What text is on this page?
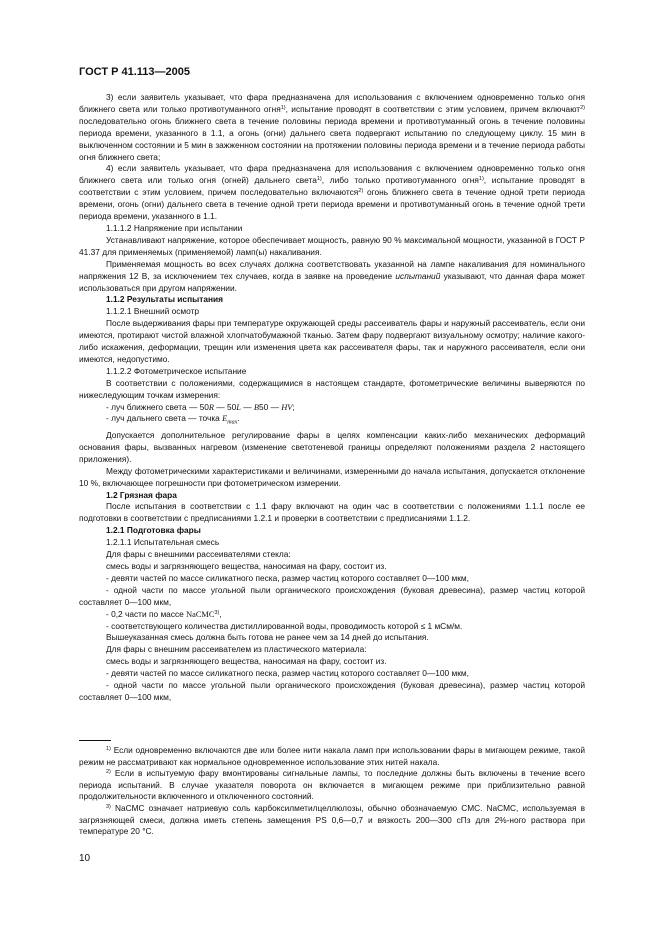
ГОСТ Р 41.113—2005

3) если заявитель указывает, что фара предназначена для использования с включением одновременно только огня ближнего света или только противотуманного огня$^{1)}$, испытание проводят в соответствии с этим условием, причем включают$^{2)}$ последовательно огонь ближнего света в течение половины периода времени и противотуманный огонь в течение половины периода времени, указанного в 1.1, а огонь (огни) дальнего света подвергают испытанию по следующему циклу. 15 мин в выключенном состоянии и 5 мин в зажженном состоянии на протяжении половины периода времени и в течение периода работы огня ближнего света;

4) если заявитель указывает, что фара предназначена для использования с включением одновременно только огня ближнего света или только огня (огней) дальнего света$^{1)}$, либо только противотуманного огня$^{1)}$, испытание проводят в соответствии с этим условием, причем последовательно включаются$^{2)}$ огонь ближнего света в течение одной трети периода времени, огонь (огни) дальнего света в течение одной трети периода времени и противотуманный огонь в течение одной трети периода времени, указанного в 1.1.

1.1.1.2 Напряжение при испытании

Устанавливают напряжение, которое обеспечивает мощность, равную 90 % максимальной мощности, указанной в ГОСТ Р 41.37 для применяемых (применяемой) ламп(ы) накаливания.

Применяемая мощность во всех случаях должна соответствовать указанной на лампе накаливания для номинального напряжения 12 В, за исключением тех случаев, когда в заявке на проведение испытаний указывают, что данная фара может использоваться при другом напряжении.

1.1.2 Результаты испытания

1.1.2.1 Внешний осмотр

После выдерживания фары при температуре окружающей среды рассеиватель фары и наружный рассеиватель, если они имеются, протирают чистой влажной хлопчатобумажной тканью. Затем фару подвергают визуальному осмотру; наличие какого-либо искажения, деформации, трещин или изменения цвета как рассеивателя фары, так и наружного рассеивателя, если они имеются, недопустимо.

1.1.2.2 Фотометрическое испытание

В соответствии с положениями, содержащимися в настоящем стандарте, фотометрические величины выверяются по нижеследующим точкам измерения:

- луч ближнего света — 50R — 50L — B50 — HV;

- луч дальнего света — точка $E_{max}$.

Допускается дополнительное регулирование фары в целях компенсации каких-либо механических деформаций основания фары, вызванных нагревом (изменение светотеневой границы определяют положениями раздела 2 настоящего приложения).

Между фотометрическими характеристиками и величинами, измеренными до начала испытания, допускается отклонение 10 %, включающее погрешности при фотометрическом измерении.

1.2 Грязная фара

После испытания в соответствии с 1.1 фару включают на один час в соответствии с положениями 1.1.1 после ее подготовки в соответствии с предписаниями 1.2.1 и проверки в соответствии с предписаниями 1.1.2.

1.2.1 Подготовка фары

1.2.1.1 Испытательная смесь

Для фары с внешними рассеивателями стекла:

смесь воды и загрязняющего вещества, наносимая на фару, состоит из.

- девяти частей по массе силикатного песка, размер частиц которого составляет 0—100 мкм,

- одной части по массе угольной пыли органического происхождения (буковая древесина), размер частиц которой составляет 0—100 мкм,

- 0,2 части по массе NaCMC$^{3)}$,

- соответствующего количества дистиллированной воды, проводимость которой ≤ 1 мСм/м.

Вышеуказанная смесь должна быть готова не ранее чем за 14 дней до испытания.

Для фары с внешним рассеивателем из пластического материала:

смесь воды и загрязняющего вещества, наносимая на фару, состоит из.

- девяти частей по массе силикатного песка, размер частиц которого составляет 0—100 мкм,

- одной части по массе угольной пыли органического происхождения (буковая древесина), размер частиц которой составляет 0—100 мкм,

$^{1)}$ Если одновременно включаются две или более нити накала ламп при использовании фары в мигающем режиме, такой режим не рассматривают как нормальное одновременное использование этих нитей накала.

$^{2)}$ Если в испытуемую фару вмонтированы сигнальные лампы, то последние должны быть включены в течение всего периода испытаний. В случае указателя поворота он включается в мигающем режиме при приблизительно равной продолжительности включенного и отключенного состояний.

$^{3)}$ NaCMC означает натриевую соль карбоксилметилцеллюлозы, обычно обозначаемую CMC. NaCMC, используемая в загрязняющей смеси, должна иметь степень замещения PS 0,6—0,7 и вязкость 200—300 сПз для 2%-ного раствора при температуре 20 °С.

10
